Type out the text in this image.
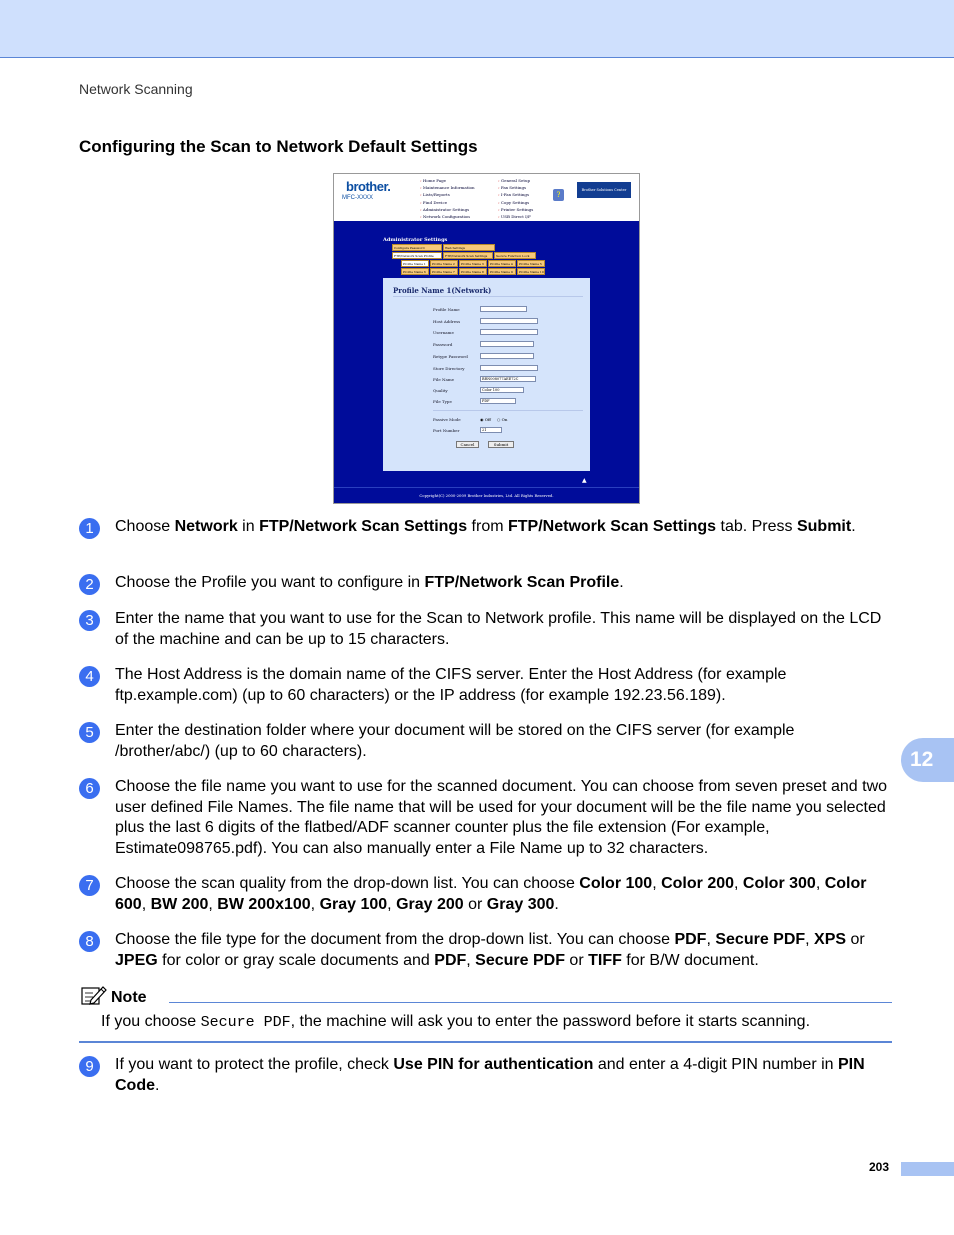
Network Scanning
Configuring the Scan to Network Default Settings
brother.
MFC-XXXX
› Home Page
› Maintenance Information
› Lists/Reports
› Find Device
› Administrator Settings
› Network Configuration
› General Setup
› Fax Settings
› I-Fax Settings
› Copy Settings
› Printer Settings
› USB Direct I/F
?
Brother Solutions Center
Administrator Settings
Configure Password	Web Settings
FTP/Network Scan Profile	FTP/Network Scan Settings	Secure Function Lock
Profile Name 1	Profile Name 2	Profile Name 3	Profile Name 4	Profile Name 5
Profile Name 6	Profile Name 7	Profile Name 8	Profile Name 9	Profile Name 10
Profile Name 1(Network)
Profile Name
Host Address
Username
Password
Retype Password
Store Directory
File Name	BRN008077AEE72C
Quality	Color 100
File Type	PDF
Passive Mode	◉ Off ○ On
Port Number	21
Cancel	Submit
▲
Copyright(C) 2000-2009 Brother Industries, Ltd. All Rights Reserved.
1	Choose Network in FTP/Network Scan Settings from FTP/Network Scan Settings tab. Press Submit.
2	Choose the Profile you want to configure in FTP/Network Scan Profile.
3	Enter the name that you want to use for the Scan to Network profile. This name will be displayed on the LCD of the machine and can be up to 15 characters.
4	The Host Address is the domain name of the CIFS server. Enter the Host Address (for example ftp.example.com) (up to 60 characters) or the IP address (for example 192.23.56.189).
5	Enter the destination folder where your document will be stored on the CIFS server (for example /brother/abc/) (up to 60 characters).
6	Choose the file name you want to use for the scanned document. You can choose from seven preset and two user defined File Names. The file name that will be used for your document will be the file name you selected plus the last 6 digits of the flatbed/ADF scanner counter plus the file extension (For example, Estimate098765.pdf). You can also manually enter a File Name up to 32 characters.
7	Choose the scan quality from the drop-down list. You can choose Color 100, Color 200, Color 300, Color 600, BW 200, BW 200x100, Gray 100, Gray 200 or Gray 300.
8	Choose the file type for the document from the drop-down list. You can choose PDF, Secure PDF, XPS or JPEG for color or gray scale documents and PDF, Secure PDF or TIFF for B/W document.
Note
If you choose Secure PDF, the machine will ask you to enter the password before it starts scanning.
9	If you want to protect the profile, check Use PIN for authentication and enter a 4-digit PIN number in PIN Code.
12
203
